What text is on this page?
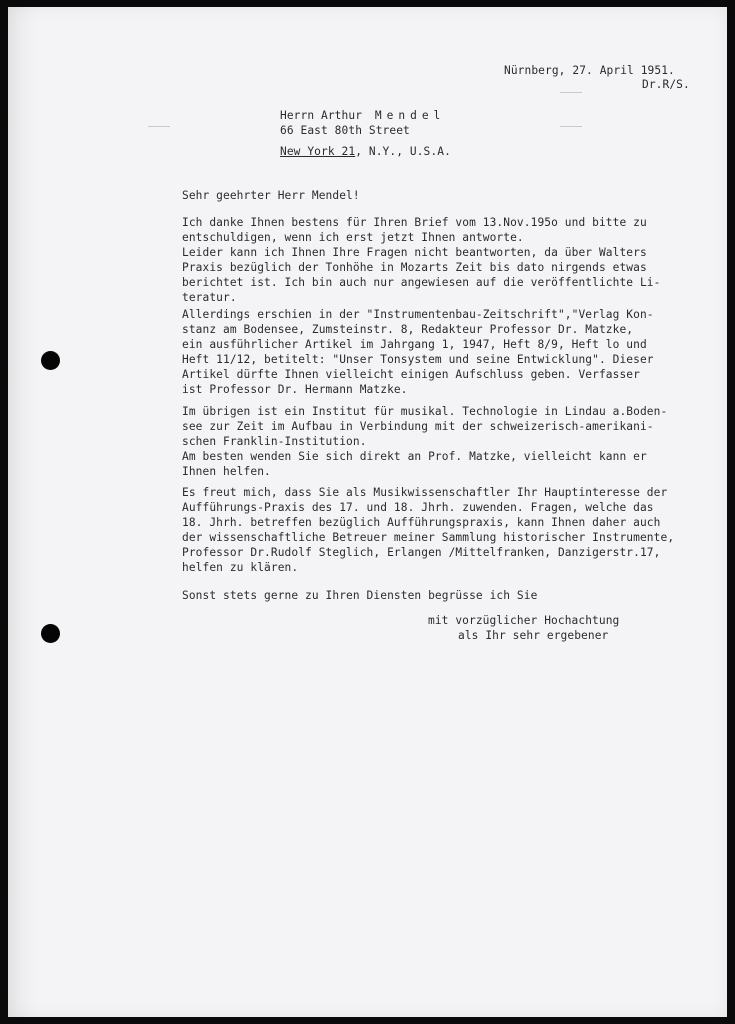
Nürnberg, 27. April 1951.
Dr.R/S.
Herrn Arthur Mendel
66 East 80th Street
New York 21, N.Y., U.S.A.
Sehr geehrter Herr Mendel!
Ich danke Ihnen bestens für Ihren Brief vom 13.Nov.195o und bitte zu
entschuldigen, wenn ich erst jetzt Ihnen antworte.
Leider kann ich Ihnen Ihre Fragen nicht beantworten, da über Walters
Praxis bezüglich der Tonhöhe in Mozarts Zeit bis dato nirgends etwas
berichtet ist. Ich bin auch nur angewiesen auf die veröffentlichte Li-
teratur.
Allerdings erschien in der "Instrumentenbau-Zeitschrift","Verlag Kon-
stanz am Bodensee, Zumsteinstr. 8, Redakteur Professor Dr. Matzke,
ein ausführlicher Artikel im Jahrgang 1, 1947, Heft 8/9, Heft lo und
Heft 11/12, betitelt: "Unser Tonsystem und seine Entwicklung". Dieser
Artikel dürfte Ihnen vielleicht einigen Aufschluss geben. Verfasser
ist Professor Dr. Hermann Matzke.
Im übrigen ist ein Institut für musikal. Technologie in Lindau a.Boden-
see zur Zeit im Aufbau in Verbindung mit der schweizerisch-amerikani-
schen Franklin-Institution.
Am besten wenden Sie sich direkt an Prof. Matzke, vielleicht kann er
Ihnen helfen.
Es freut mich, dass Sie als Musikwissenschaftler Ihr Hauptinteresse der
Aufführungs-Praxis des 17. und 18. Jhrh. zuwenden. Fragen, welche das
18. Jhrh. betreffen bezüglich Aufführungspraxis, kann Ihnen daher auch
der wissenschaftliche Betreuer meiner Sammlung historischer Instrumente,
Professor Dr.Rudolf Steglich, Erlangen /Mittelfranken, Danzigerstr.17,
helfen zu klären.
Sonst stets gerne zu Ihren Diensten begrüsse ich Sie
mit vorzüglicher Hochachtung
als Ihr sehr ergebener
